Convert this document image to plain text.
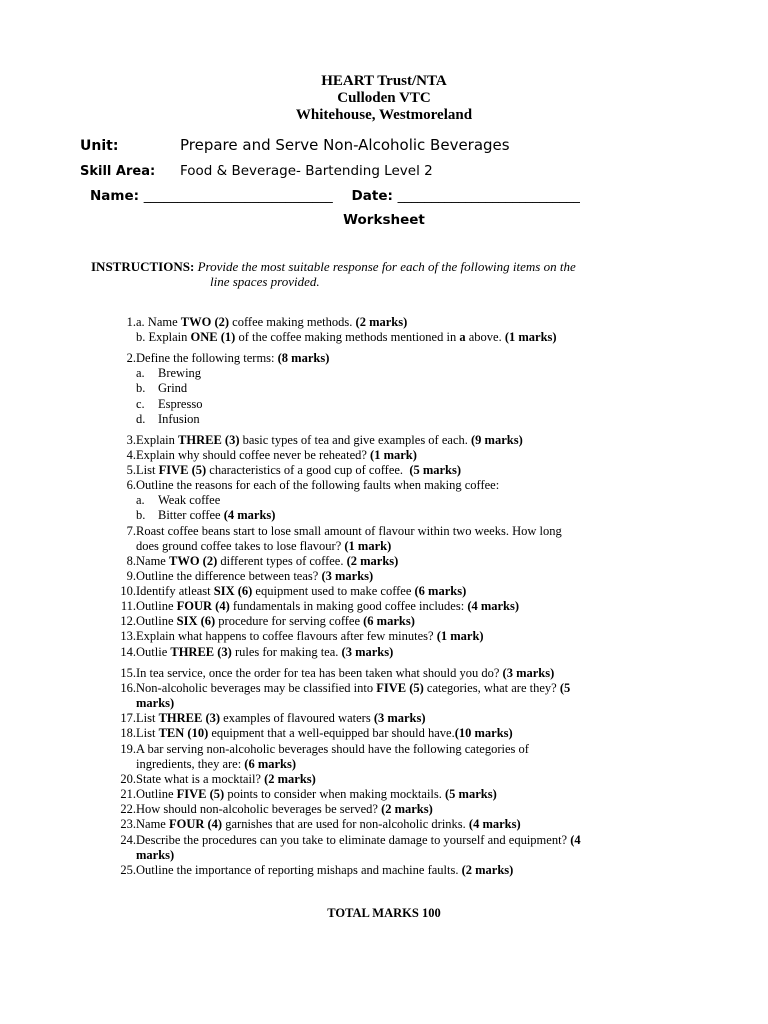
HEART Trust/NTA
Culloden VTC
Whitehouse, Westmoreland
Unit:	Prepare and Serve Non-Alcoholic Beverages
Skill Area: Food & Beverage- Bartending Level 2
Name: ____________________________ Date: ___________________________
Worksheet
INSTRUCTIONS: Provide the most suitable response for each of the following items on the
line spaces provided.
1. a. Name TWO (2) coffee making methods. (2 marks)
b. Explain ONE (1) of the coffee making methods mentioned in a above. (1 marks)
2. Define the following terms: (8 marks)
a. Brewing
b. Grind
c. Espresso
d. Infusion
3. Explain THREE (3) basic types of tea and give examples of each. (9 marks)
4. Explain why should coffee never be reheated? (1 mark)
5. List FIVE (5) characteristics of a good cup of coffee.  (5 marks)
6. Outline the reasons for each of the following faults when making coffee:
a. Weak coffee
b. Bitter coffee (4 marks)
7. Roast coffee beans start to lose small amount of flavour within two weeks. How long
does ground coffee takes to lose flavour? (1 mark)
8. Name TWO (2) different types of coffee. (2 marks)
9. Outline the difference between teas? (3 marks)
10. Identify atleast SIX (6) equipment used to make coffee (6 marks)
11. Outline FOUR (4) fundamentals in making good coffee includes: (4 marks)
12. Outline SIX (6) procedure for serving coffee (6 marks)
13. Explain what happens to coffee flavours after few minutes? (1 mark)
14. Outlie THREE (3) rules for making tea. (3 marks)
15. In tea service, once the order for tea has been taken what should you do? (3 marks)
16. Non-alcoholic beverages may be classified into FIVE (5) categories, what are they? (5
marks)
17. List THREE (3) examples of flavoured waters (3 marks)
18. List TEN (10) equipment that a well-equipped bar should have.(10 marks)
19. A bar serving non-alcoholic beverages should have the following categories of
ingredients, they are: (6 marks)
20. State what is a mocktail? (2 marks)
21. Outline FIVE (5) points to consider when making mocktails. (5 marks)
22. How should non-alcoholic beverages be served? (2 marks)
23. Name FOUR (4) garnishes that are used for non-alcoholic drinks. (4 marks)
24. Describe the procedures can you take to eliminate damage to yourself and equipment? (4
marks)
25. Outline the importance of reporting mishaps and machine faults. (2 marks)
TOTAL MARKS 100
